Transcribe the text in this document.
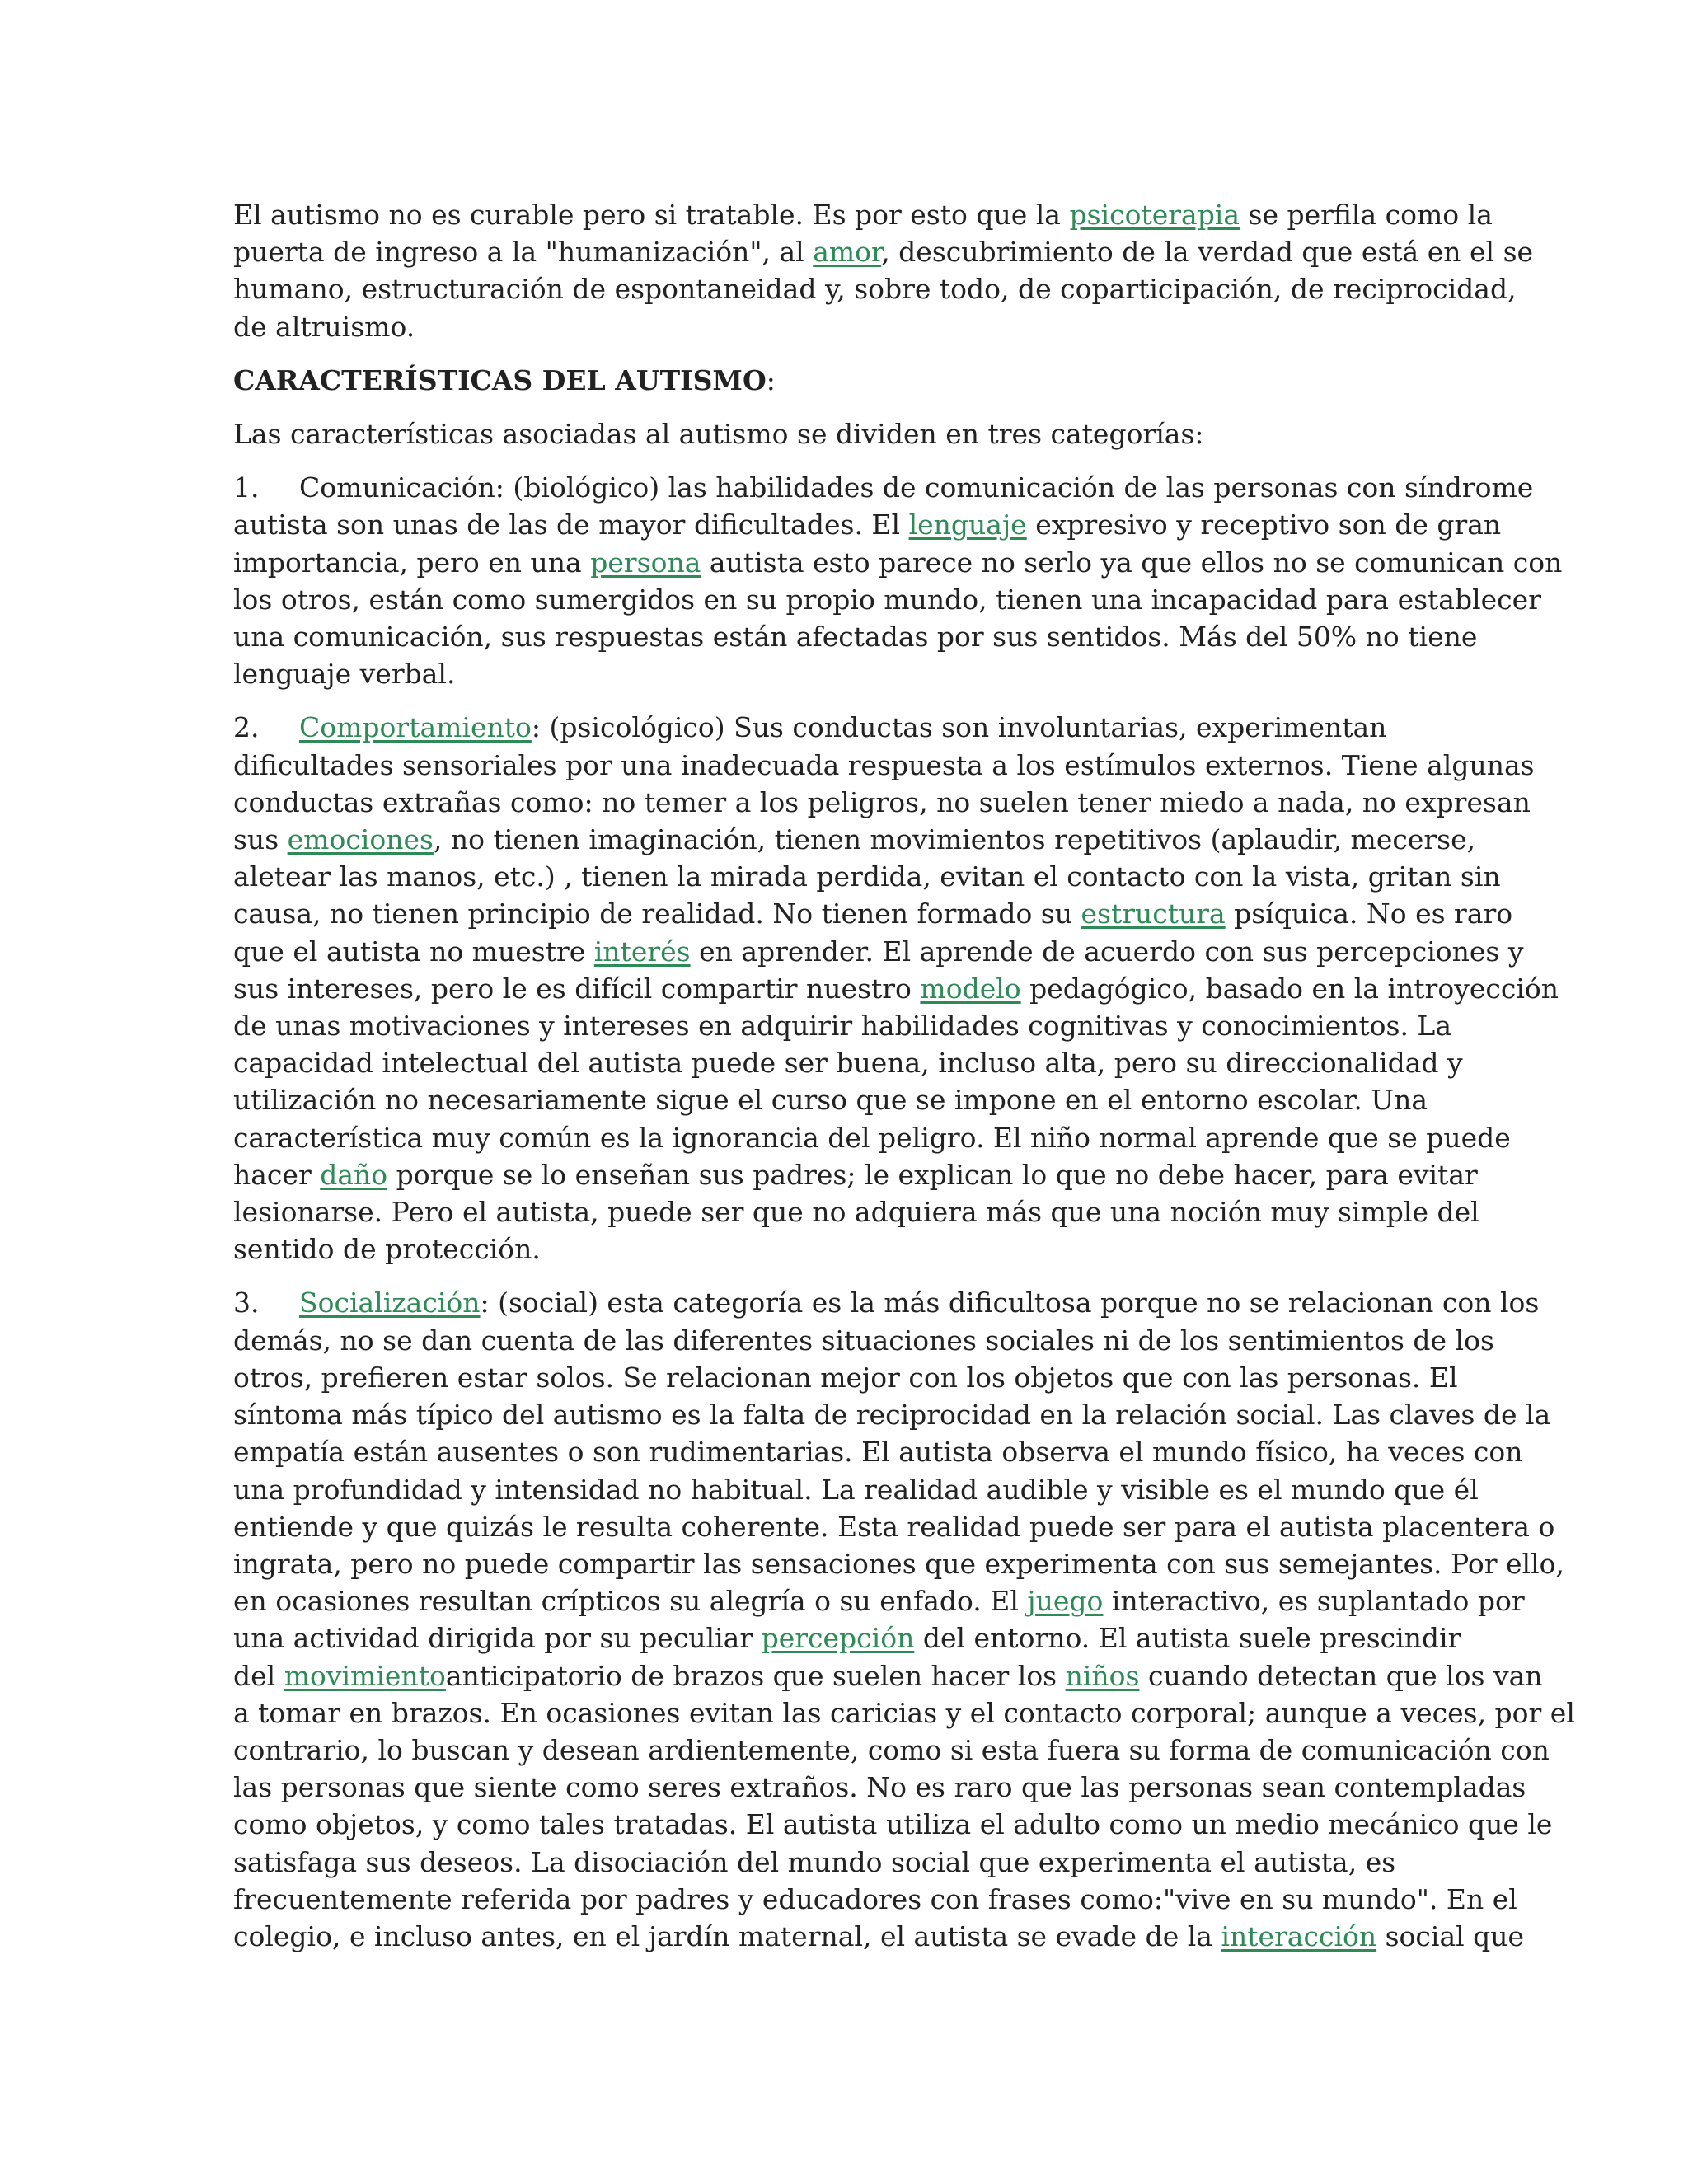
El autismo no es curable pero si tratable. Es por esto que la psicoterapia se perfila como la
puerta de ingreso a la "humanización", al amor, descubrimiento de la verdad que está en el se
humano, estructuración de espontaneidad y, sobre todo, de coparticipación, de reciprocidad,
de altruismo.
CARACTERÍSTICAS DEL AUTISMO:
Las características asociadas al autismo se dividen en tres categorías:
1. Comunicación: (biológico) las habilidades de comunicación de las personas con síndrome
autista son unas de las de mayor dificultades. El lenguaje expresivo y receptivo son de gran
importancia, pero en una persona autista esto parece no serlo ya que ellos no se comunican con
los otros, están como sumergidos en su propio mundo, tienen una incapacidad para establecer
una comunicación, sus respuestas están afectadas por sus sentidos. Más del 50% no tiene
lenguaje verbal.
2. Comportamiento: (psicológico) Sus conductas son involuntarias, experimentan
dificultades sensoriales por una inadecuada respuesta a los estímulos externos. Tiene algunas
conductas extrañas como: no temer a los peligros, no suelen tener miedo a nada, no expresan
sus emociones, no tienen imaginación, tienen movimientos repetitivos (aplaudir, mecerse,
aletear las manos, etc.) , tienen la mirada perdida, evitan el contacto con la vista, gritan sin
causa, no tienen principio de realidad. No tienen formado su estructura psíquica. No es raro
que el autista no muestre interés en aprender. El aprende de acuerdo con sus percepciones y
sus intereses, pero le es difícil compartir nuestro modelo pedagógico, basado en la introyección
de unas motivaciones y intereses en adquirir habilidades cognitivas y conocimientos. La
capacidad intelectual del autista puede ser buena, incluso alta, pero su direccionalidad y
utilización no necesariamente sigue el curso que se impone en el entorno escolar. Una
característica muy común es la ignorancia del peligro. El niño normal aprende que se puede
hacer daño porque se lo enseñan sus padres; le explican lo que no debe hacer, para evitar
lesionarse. Pero el autista, puede ser que no adquiera más que una noción muy simple del
sentido de protección.
3. Socialización: (social) esta categoría es la más dificultosa porque no se relacionan con los
demás, no se dan cuenta de las diferentes situaciones sociales ni de los sentimientos de los
otros, prefieren estar solos. Se relacionan mejor con los objetos que con las personas. El
síntoma más típico del autismo es la falta de reciprocidad en la relación social. Las claves de la
empatía están ausentes o son rudimentarias. El autista observa el mundo físico, ha veces con
una profundidad y intensidad no habitual. La realidad audible y visible es el mundo que él
entiende y que quizás le resulta coherente. Esta realidad puede ser para el autista placentera o
ingrata, pero no puede compartir las sensaciones que experimenta con sus semejantes. Por ello,
en ocasiones resultan crípticos su alegría o su enfado. El juego interactivo, es suplantado por
una actividad dirigida por su peculiar percepción del entorno. El autista suele prescindir
del movimientoanticipatorio de brazos que suelen hacer los niños cuando detectan que los van
a tomar en brazos. En ocasiones evitan las caricias y el contacto corporal; aunque a veces, por el
contrario, lo buscan y desean ardientemente, como si esta fuera su forma de comunicación con
las personas que siente como seres extraños. No es raro que las personas sean contempladas
como objetos, y como tales tratadas. El autista utiliza el adulto como un medio mecánico que le
satisfaga sus deseos. La disociación del mundo social que experimenta el autista, es
frecuentemente referida por padres y educadores con frases como:"vive en su mundo". En el
colegio, e incluso antes, en el jardín maternal, el autista se evade de la interacción social que
